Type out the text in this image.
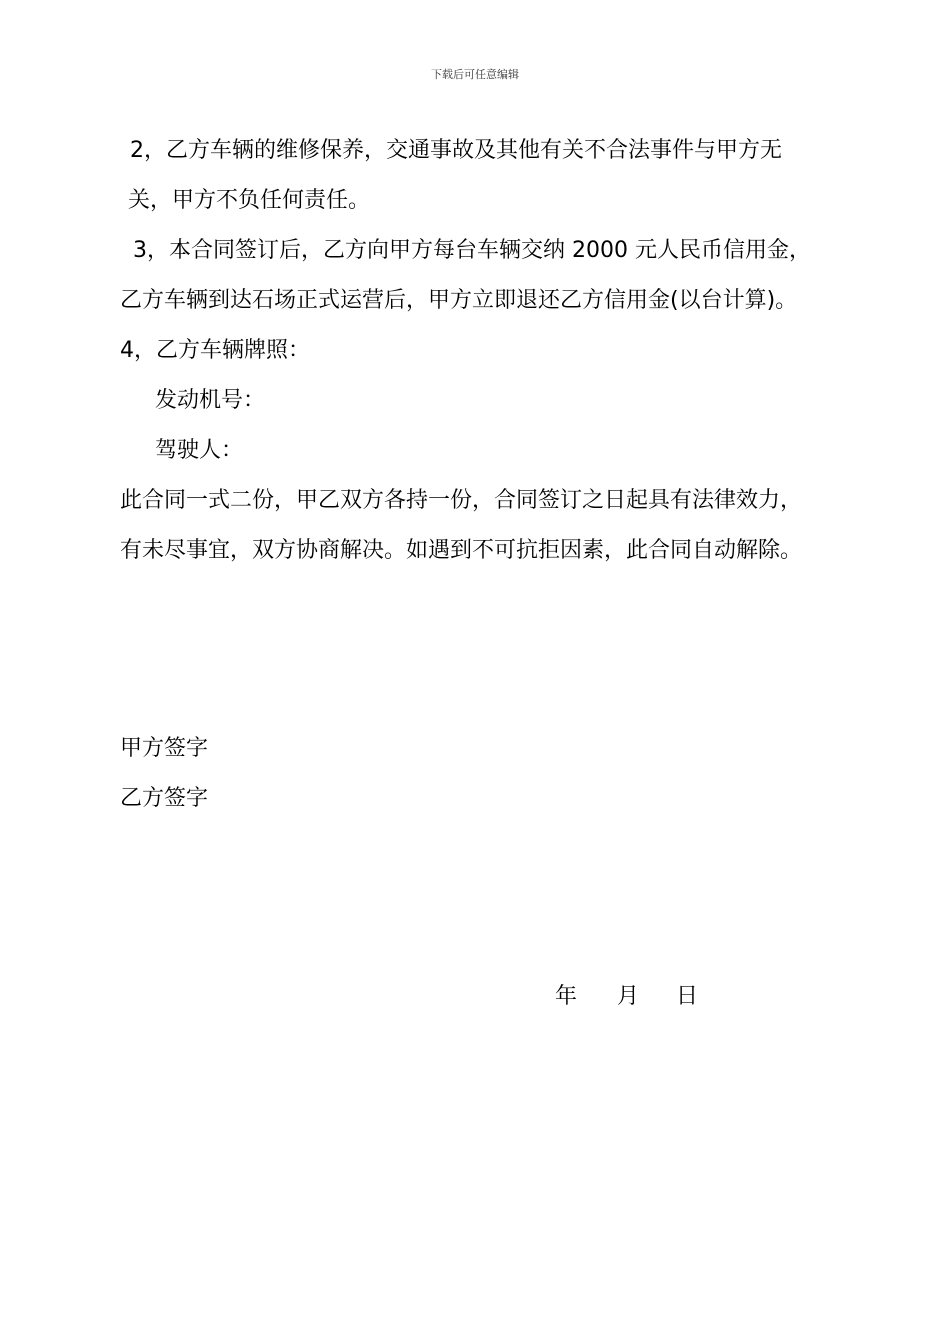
下载后可任意编辑
2，乙方车辆的维修保养，交通事故及其他有关不合法事件与甲方无
关，甲方不负任何责任。
3，本合同签订后，乙方向甲方每台车辆交纳 2000 元人民币信用金，
乙方车辆到达石场正式运营后，甲方立即退还乙方信用金(以台计算)。
4，乙方车辆牌照：
发动机号：
驾驶人：
此合同一式二份，甲乙双方各持一份，合同签订之日起具有法律效力，
有未尽事宜，双方协商解决。如遇到不可抗拒因素，此合同自动解除。
甲方签字
乙方签字
年 月 日
